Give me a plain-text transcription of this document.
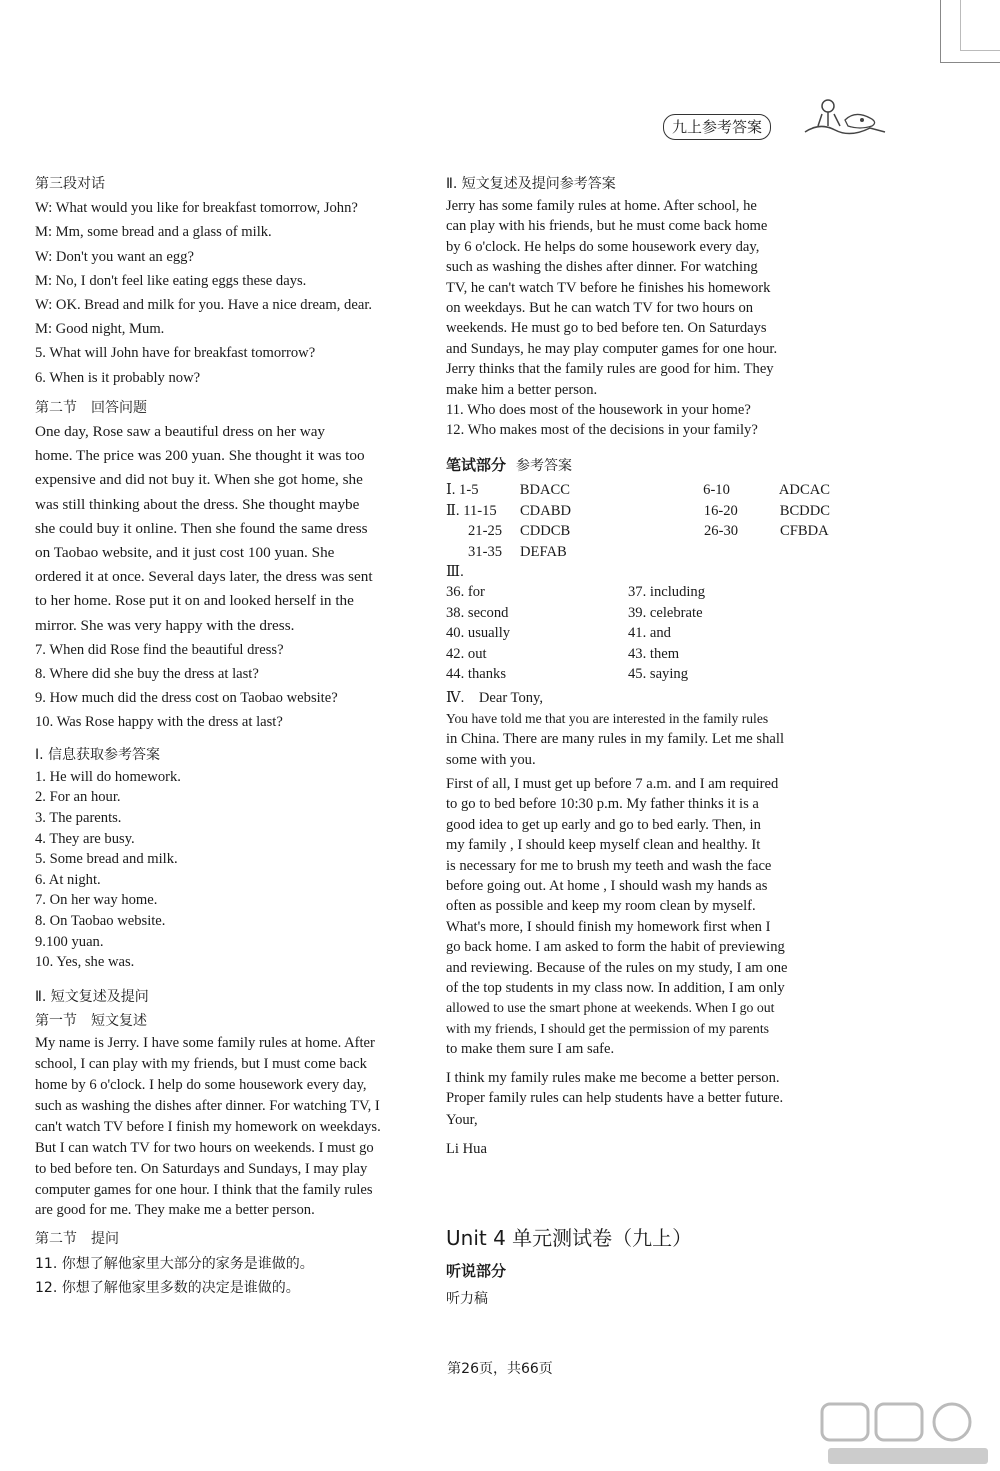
九上参考答案
第三段对话
W: What would you like for breakfast tomorrow, John?
M: Mm, some bread and a glass of milk.
W: Don't you want an egg?
M: No, I don't feel like eating eggs these days.
W: OK. Bread and milk for you. Have a nice dream, dear.
M: Good night, Mum.
5. What will John have for breakfast tomorrow?
6. When is it probably now?
第二节　回答问题
One day, Rose saw a beautiful dress on her way
home. The price was 200 yuan. She thought it was too
expensive and did not buy it. When she got home, she
was still thinking about the dress. She thought maybe
she could buy it online. Then she found the same dress
on Taobao website, and it just cost 100 yuan. She
ordered it at once. Several days later, the dress was sent
to her home. Rose put it on and looked herself in the
mirror. She was very happy with the dress.
7. When did Rose find the beautiful dress?
8. Where did she buy the dress at last?
9. How much did the dress cost on Taobao website?
10. Was Rose happy with the dress at last?
Ⅰ. 信息获取参考答案
1. He will do homework.
2. For an hour.
3. The parents.
4. They are busy.
5. Some bread and milk.
6. At night.
7. On her way home.
8. On Taobao website.
9.100 yuan.
10. Yes, she was.
Ⅱ. 短文复述及提问
第一节　短文复述
My name is Jerry. I have some family rules at home. After
school, I can play with my friends, but I must come back
home by 6 o'clock. I help do some housework every day,
such as washing the dishes after dinner. For watching TV, I
can't watch TV before I finish my homework on weekdays.
But I can watch TV for two hours on weekends. I must go
to bed before ten. On Saturdays and Sundays, I may play
computer games for one hour. I think that the family rules
are good for me. They make me a better person.
第二节　提问
11. 你想了解他家里大部分的家务是谁做的。
12. 你想了解他家里多数的决定是谁做的。
Ⅱ. 短文复述及提问参考答案
Jerry has some family rules at home. After school, he
can play with his friends, but he must come back home
by 6 o'clock. He helps do some housework every day,
such as washing the dishes after dinner. For watching
TV, he can't watch TV before he finishes his homework
on weekdays. But he can watch TV for two hours on
weekends. He must go to bed before ten. On Saturdays
and Sundays, he may play computer games for one hour.
Jerry thinks that the family rules are good for him. They
make him a better person.
11. Who does most of the housework in your home?
12. Who makes most of the decisions in your family?
笔试部分 参考答案
Ⅰ. 1-5	BDACC	6-10	ADCAC
Ⅱ. 11-15	CDABD	16-20	BCDDC
21-25	CDDCB	26-30	CFBDA
31-35	DEFAB
Ⅲ.
36. for	37. including
38. second	39. celebrate
40. usually	41. and
42. out	43. them
44. thanks	45. saying
Ⅳ.　Dear Tony,
You have told me that you are interested in the family rules
in China. There are many rules in my family. Let me shall
some with you.
First of all, I must get up before 7 a.m. and I am required
to go to bed before 10:30 p.m. My father thinks it is a
good idea to get up early and go to bed early. Then, in
my family , I should keep myself clean and healthy. It
is necessary for me to brush my teeth and wash the face
before going out. At home , I should wash my hands as
often as possible and keep my room clean by myself.
What's more, I should finish my homework first when I
go back home. I am asked to form the habit of previewing
and reviewing. Because of the rules on my study, I am one
of the top students in my class now. In addition, I am only
allowed to use the smart phone at weekends. When I go out
with my friends, I should get the permission of my parents
to make them sure I am safe.
I think my family rules make me become a better person.
Proper family rules can help students have a better future.
Your,
Li Hua
Unit 4 单元测试卷（九上）
听说部分
听力稿
第26页，共66页
